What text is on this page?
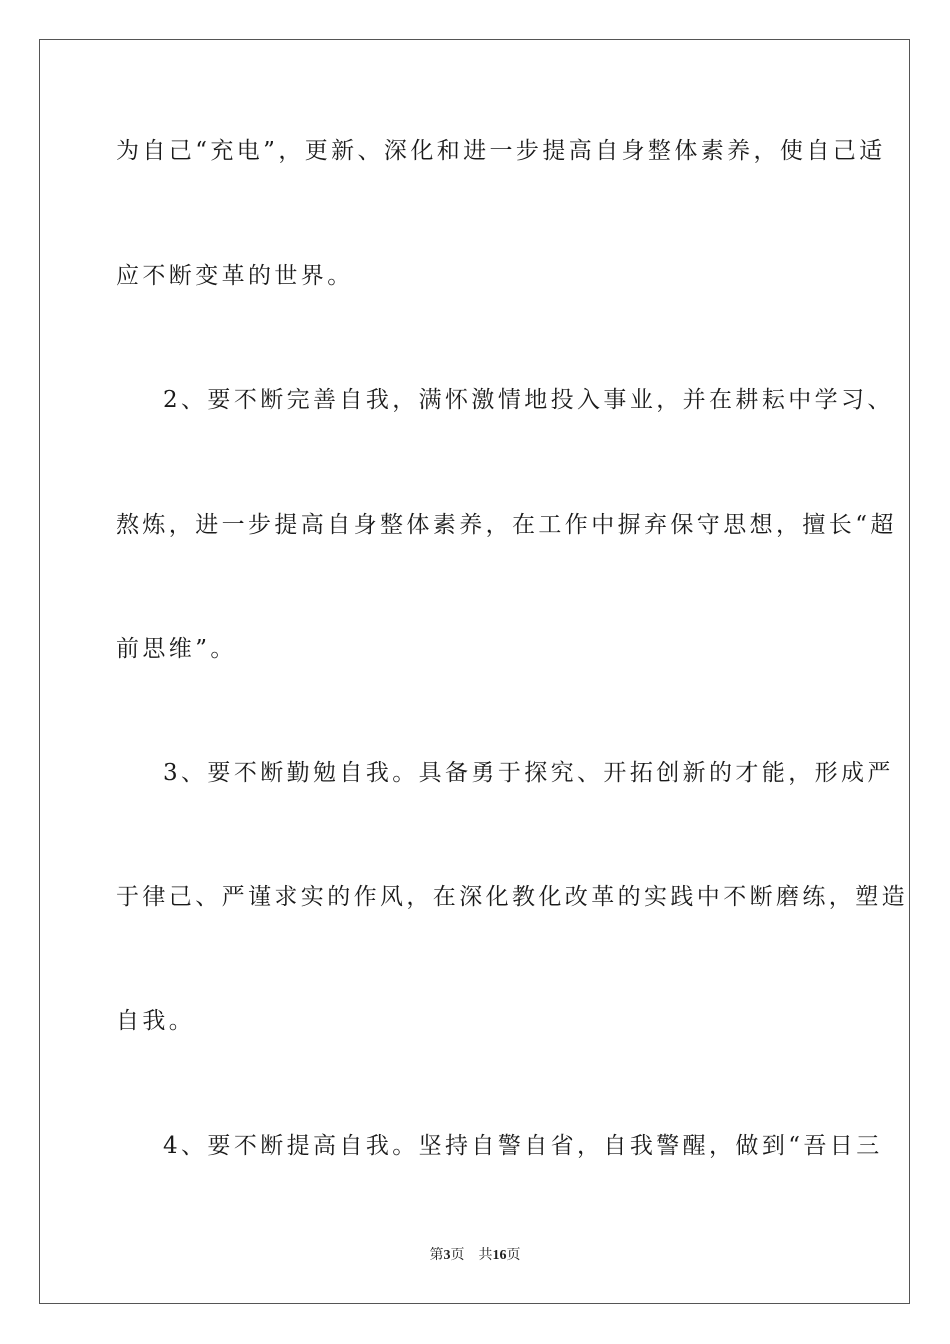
为自己“充电”，更新、深化和进一步提高自身整体素养，使自己适
应不断变革的世界。
2、要不断完善自我，满怀激情地投入事业，并在耕耘中学习、
熬炼，进一步提高自身整体素养，在工作中摒弃保守思想，擅长“超
前思维”。
3、要不断勤勉自我。具备勇于探究、开拓创新的才能，形成严
于律己、严谨求实的作风，在深化教化改革的实践中不断磨练，塑造
自我。
4、要不断提高自我。坚持自警自省，自我警醒，做到“吾日三
第3页 共16页
